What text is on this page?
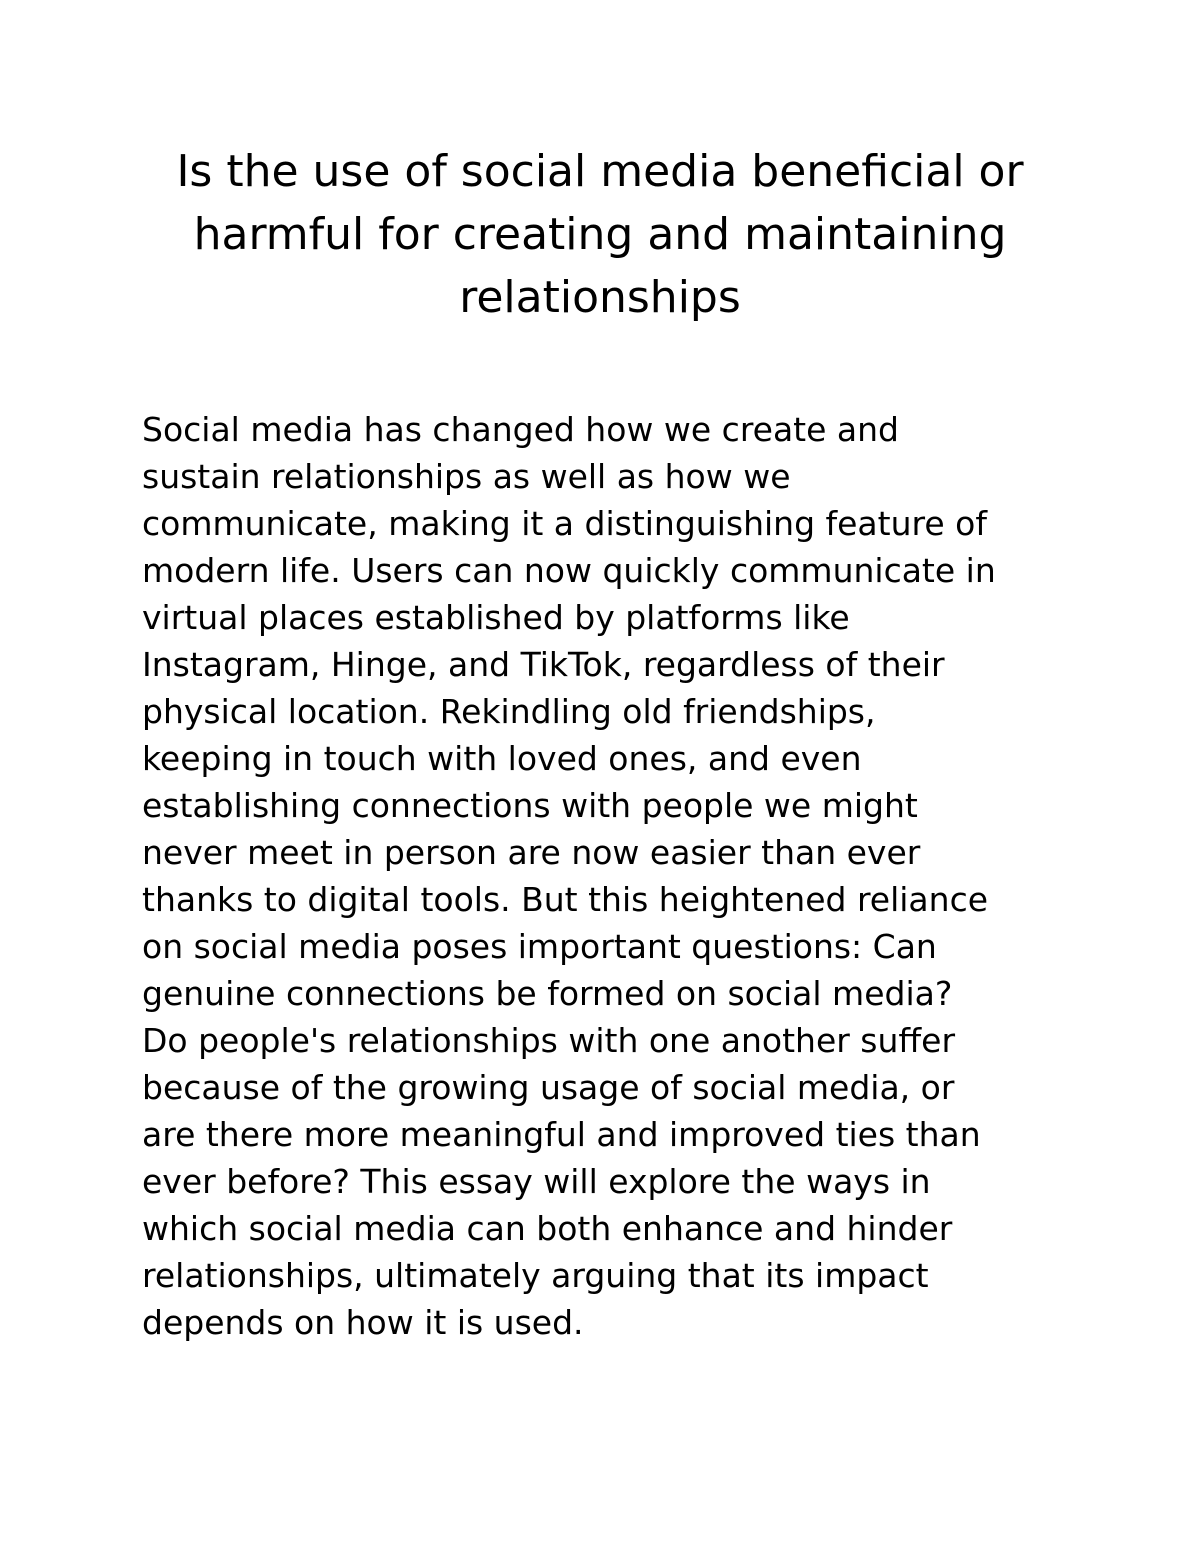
Is the use of social media beneficial or
harmful for creating and maintaining
relationships

Social media has changed how we create and
sustain relationships as well as how we
communicate, making it a distinguishing feature of
modern life. Users can now quickly communicate in
virtual places established by platforms like
Instagram, Hinge, and TikTok, regardless of their
physical location. Rekindling old friendships,
keeping in touch with loved ones, and even
establishing connections with people we might
never meet in person are now easier than ever
thanks to digital tools. But this heightened reliance
on social media poses important questions: Can
genuine connections be formed on social media?
Do people's relationships with one another suffer
because of the growing usage of social media, or
are there more meaningful and improved ties than
ever before? This essay will explore the ways in
which social media can both enhance and hinder
relationships, ultimately arguing that its impact
depends on how it is used.
